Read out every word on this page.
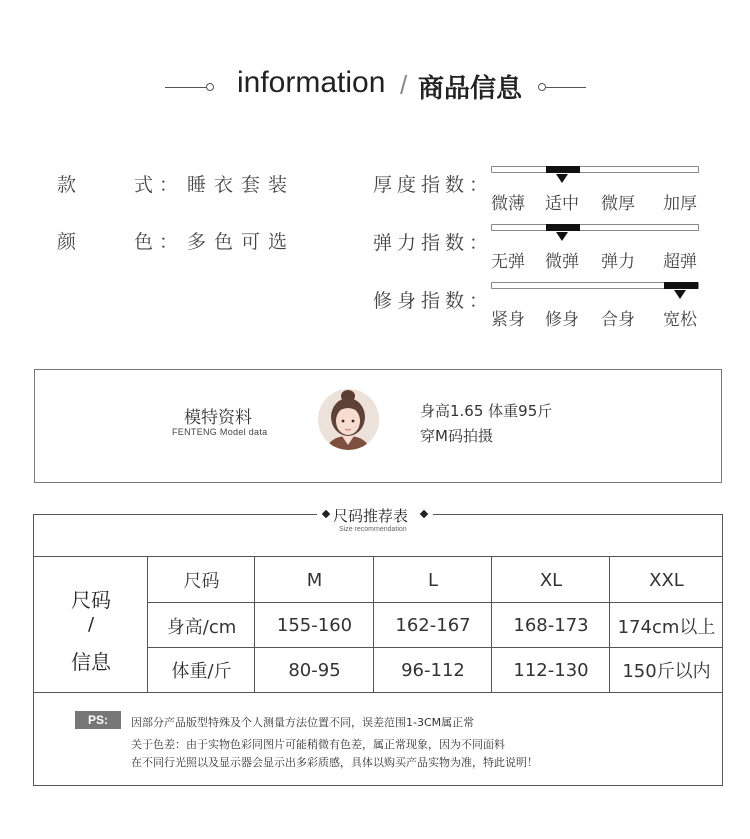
information / 商品信息
款	式： 睡衣套装
颜	色： 多色可选
厚度指数：
微薄	适中	微厚	加厚
弹力指数：
无弹	微弹	弹力	超弹
修身指数：
紧身	修身	合身	宽松
模特资料
FENTENG Model data
身高1.65 体重95斤
穿M码拍摄
尺码推荐表
Size recommendation
尺码
/
信息
尺码	M	L	XL	XXL
身高/cm	155-160	162-167	168-173	174cm以上
体重/斤	80-95	96-112	112-130	150斤以内
PS:	因部分产品版型特殊及个人测量方法位置不同，误差范围1-3CM属正常
关于色差：由于实物色彩同图片可能稍微有色差，属正常现象，因为不同面料
在不同行光照以及显示器会显示出多彩质感，具体以购买产品实物为准，特此说明！
